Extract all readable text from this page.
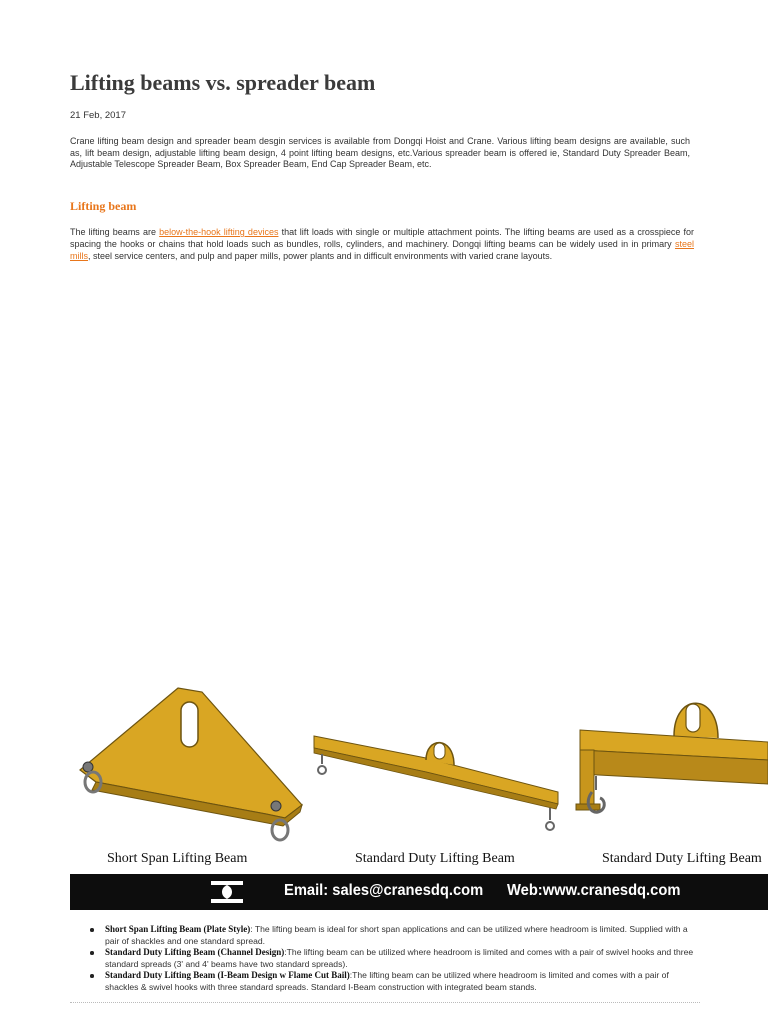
Lifting beams vs. spreader beam
21 Feb, 2017

Crane lifting beam design and spreader beam desgin services is available from Dongqi Hoist and Crane. Various lifting beam designs are available, such as, lift beam design, adjustable lifting beam design, 4 point lifting beam designs, etc.Various spreader beam is offered ie, Standard Duty Spreader Beam, Adjustable Telescope Spreader Beam, Box Spreader Beam, End Cap Spreader Beam, etc.

Lifting beam

The lifting beams are below-the-hook lifting devices that lift loads with single or multiple attachment points. The lifting beams are used as a crosspiece for spacing the hooks or chains that hold loads such as bundles, rolls, cylinders, and machinery. Dongqi lifting beams can be widely used in in primary steel mills, steel service centers, and pulp and paper mills, power plants and in difficult environments with varied crane layouts.

Short Span Lifting Beam	Standard Duty Lifting Beam	Standard Duty Lifting Beam
Email: sales@cranesdq.com Web:www.cranesdq.com
Short Span Lifting Beam (Plate Style): The lifting beam is ideal for short span applications and can be utilized where headroom is limited. Supplied with a pair of shackles and one standard spread.
Standard Duty Lifting Beam (Channel Design):The lifting beam can be utilized where headroom is limited and comes with a pair of swivel hooks and three standard spreads (3' and 4' beams have two standard spreads).
Standard Duty Lifting Beam (I-Beam Design w Flame Cut Bail):The lifting beam can be utilized where headroom is limited and comes with a pair of shackles & swivel hooks with three standard spreads. Standard I-Beam construction with integrated beam stands.
